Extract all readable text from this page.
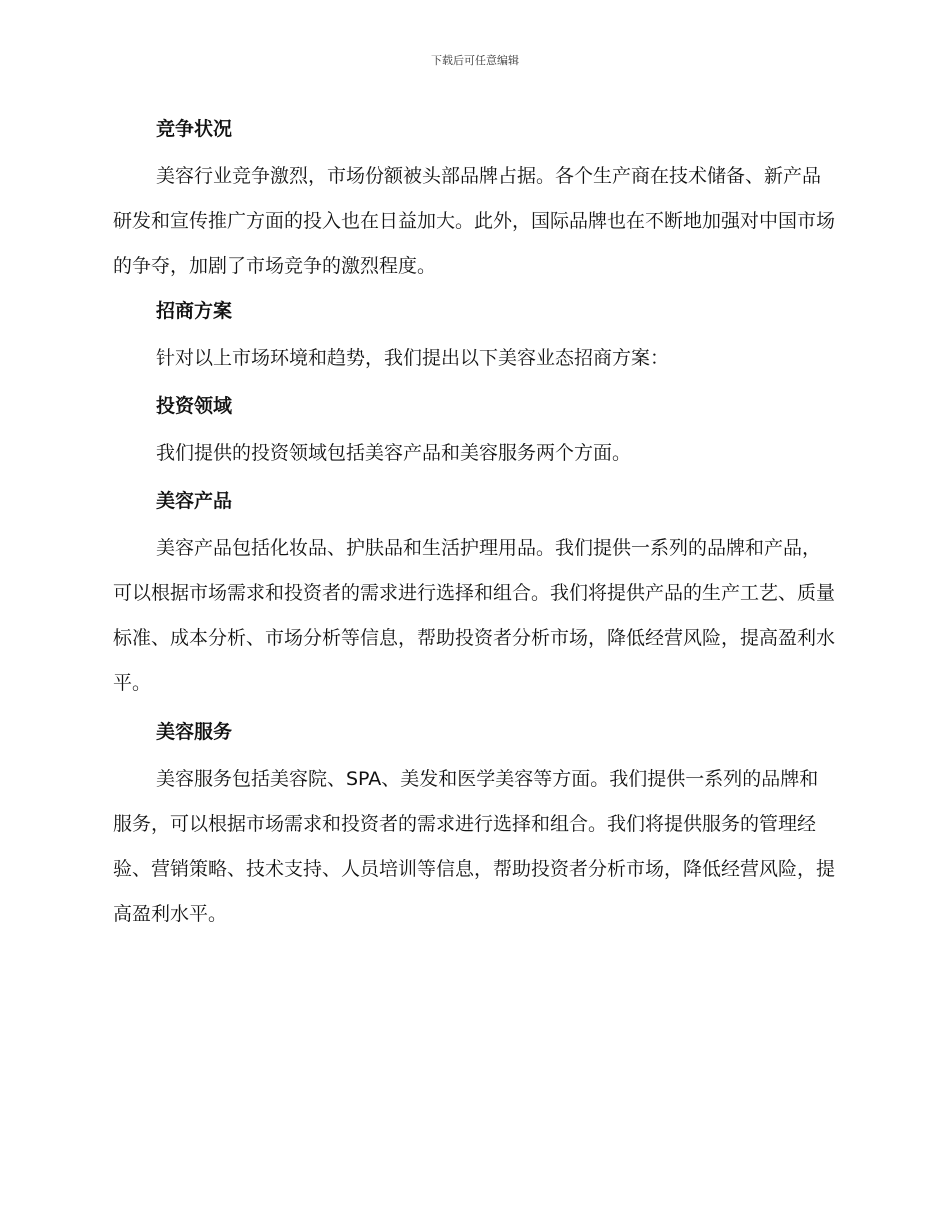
下载后可任意编辑
竞争状况

美容行业竞争激烈，市场份额被头部品牌占据。各个生产商在技术储备、新产品研发和宣传推广方面的投入也在日益加大。此外，国际品牌也在不断地加强对中国市场的争夺，加剧了市场竞争的激烈程度。

招商方案

针对以上市场环境和趋势，我们提出以下美容业态招商方案：

投资领域

我们提供的投资领域包括美容产品和美容服务两个方面。

美容产品

美容产品包括化妆品、护肤品和生活护理用品。我们提供一系列的品牌和产品，可以根据市场需求和投资者的需求进行选择和组合。我们将提供产品的生产工艺、质量标准、成本分析、市场分析等信息，帮助投资者分析市场，降低经营风险，提高盈利水平。

美容服务

美容服务包括美容院、SPA、美发和医学美容等方面。我们提供一系列的品牌和服务，可以根据市场需求和投资者的需求进行选择和组合。我们将提供服务的管理经验、营销策略、技术支持、人员培训等信息，帮助投资者分析市场，降低经营风险，提高盈利水平。
